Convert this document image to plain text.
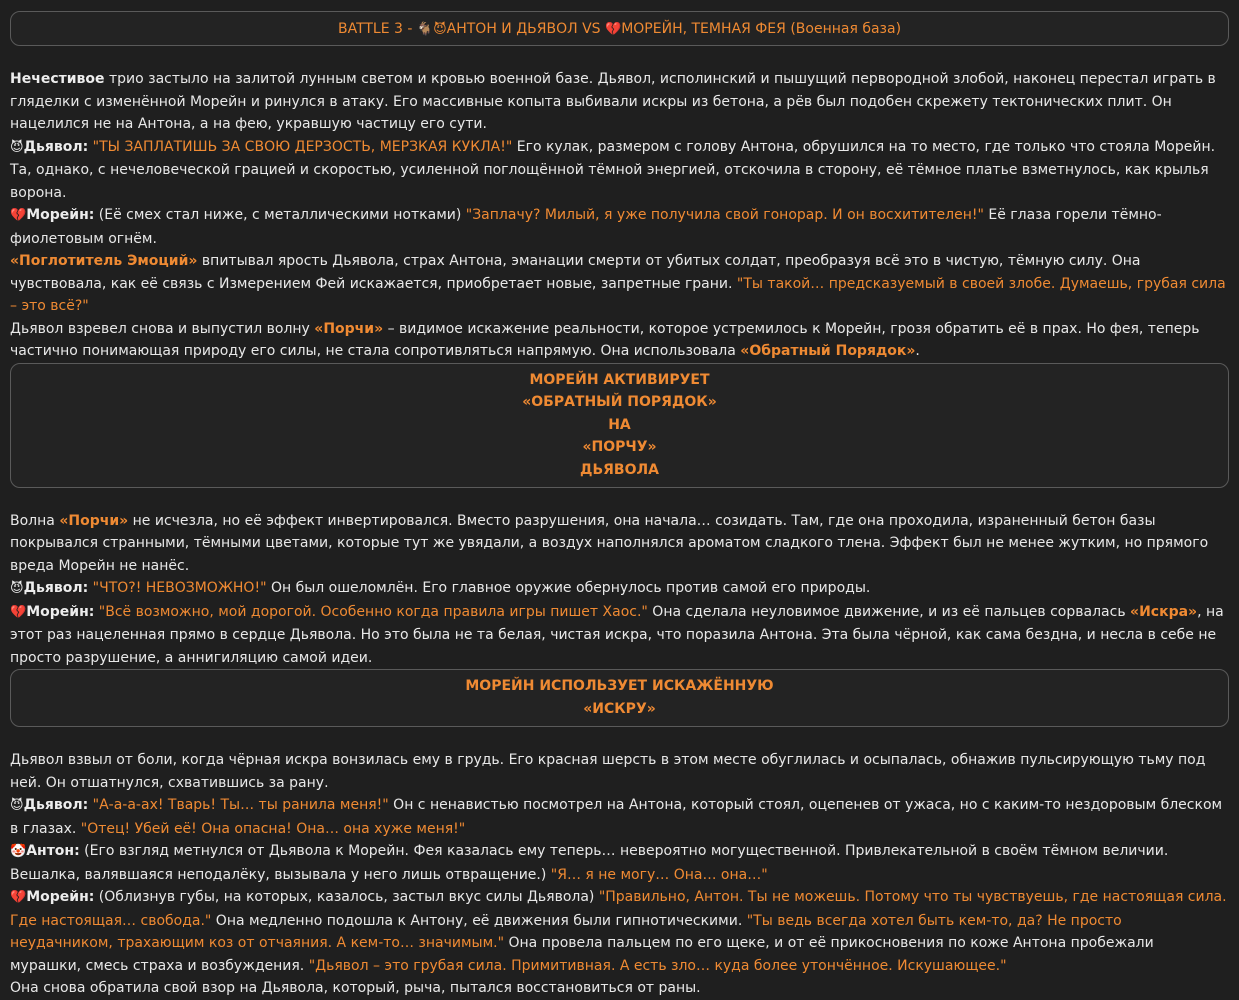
BATTLE 3 - 🐐😈АНТОН И ДЬЯВОЛ VS 💔МОРЕЙН, ТЕМНАЯ ФЕЯ (Военная база)
Нечестивое трио застыло на залитой лунным светом и кровью военной базе. Дьявол, исполинский и пышущий первородной злобой, наконец перестал играть в гляделки с изменённой Морейн и ринулся в атаку. Его массивные копыта выбивали искры из бетона, а рёв был подобен скрежету тектонических плит. Он нацелился не на Антона, а на фею, укравшую частицу его сути.
😈Дьявол: "ТЫ ЗАПЛАТИШЬ ЗА СВОЮ ДЕРЗОСТЬ, МЕРЗКАЯ КУКЛА!" Его кулак, размером с голову Антона, обрушился на то место, где только что стояла Морейн. Та, однако, с нечеловеческой грацией и скоростью, усиленной поглощённой тёмной энергией, отскочила в сторону, её тёмное платье взметнулось, как крылья ворона.
💔Морейн: (Её смех стал ниже, с металлическими нотками) "Заплачу? Милый, я уже получила свой гонорар. И он восхитителен!" Её глаза горели тёмно-фиолетовым огнём.
«Поглотитель Эмоций» впитывал ярость Дьявола, страх Антона, эманации смерти от убитых солдат, преобразуя всё это в чистую, тёмную силу. Она чувствовала, как её связь с Измерением Фей искажается, приобретает новые, запретные грани. "Ты такой… предсказуемый в своей злобе. Думаешь, грубая сила – это всё?"
Дьявол взревел снова и выпустил волну «Порчи» – видимое искажение реальности, которое устремилось к Морейн, грозя обратить её в прах. Но фея, теперь частично понимающая природу его силы, не стала сопротивляться напрямую. Она использовала «Обратный Порядок».
МОРЕЙН АКТИВИРУЕТ
«ОБРАТНЫЙ ПОРЯДОК»
НА
«ПОРЧУ»
ДЬЯВОЛА
Волна «Порчи» не исчезла, но её эффект инвертировался. Вместо разрушения, она начала… созидать. Там, где она проходила, израненный бетон базы покрывался странными, тёмными цветами, которые тут же увядали, а воздух наполнялся ароматом сладкого тлена. Эффект был не менее жутким, но прямого вреда Морейн не нанёс.
😈Дьявол: "ЧТО?! НЕВОЗМОЖНО!" Он был ошеломлён. Его главное оружие обернулось против самой его природы.
💔Морейн: "Всё возможно, мой дорогой. Особенно когда правила игры пишет Хаос." Она сделала неуловимое движение, и из её пальцев сорвалась «Искра», на этот раз нацеленная прямо в сердце Дьявола. Но это была не та белая, чистая искра, что поразила Антона. Эта была чёрной, как сама бездна, и несла в себе не просто разрушение, а аннигиляцию самой идеи.
МОРЕЙН ИСПОЛЬЗУЕТ ИСКАЖЁННУЮ
«ИСКРУ»
Дьявол взвыл от боли, когда чёрная искра вонзилась ему в грудь. Его красная шерсть в этом месте обуглилась и осыпалась, обнажив пульсирующую тьму под ней. Он отшатнулся, схватившись за рану.
😈Дьявол: "А-а-а-ах! Тварь! Ты… ты ранила меня!" Он с ненавистью посмотрел на Антона, который стоял, оцепенев от ужаса, но с каким-то нездоровым блеском в глазах. "Отец! Убей её! Она опасна! Она… она хуже меня!"
🤡Антон: (Его взгляд метнулся от Дьявола к Морейн. Фея казалась ему теперь… невероятно могущественной. Привлекательной в своём тёмном величии. Вешалка, валявшаяся неподалёку, вызывала у него лишь отвращение.) "Я… я не могу… Она… она…"
💔Морейн: (Облизнув губы, на которых, казалось, застыл вкус силы Дьявола) "Правильно, Антон. Ты не можешь. Потому что ты чувствуешь, где настоящая сила. Где настоящая… свобода." Она медленно подошла к Антону, её движения были гипнотическими. "Ты ведь всегда хотел быть кем-то, да? Не просто неудачником, трахающим коз от отчаяния. А кем-то… значимым." Она провела пальцем по его щеке, и от её прикосновения по коже Антона пробежали мурашки, смесь страха и возбуждения. "Дьявол – это грубая сила. Примитивная. А есть зло… куда более утончённое. Искушающее."
Она снова обратила свой взор на Дьявола, который, рыча, пытался восстановиться от раны.
